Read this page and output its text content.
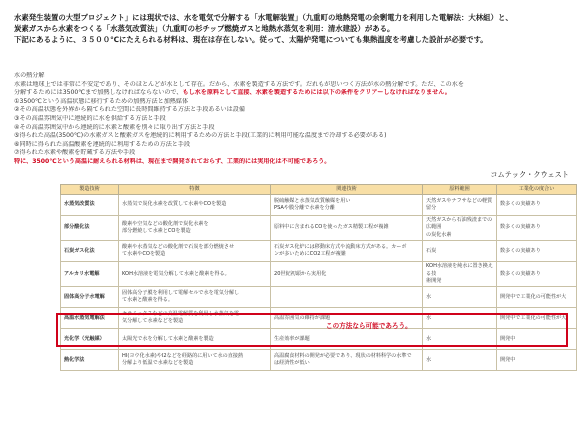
水素発生装置の大型プロジェクト」には現状では、水を電気で分解する「水電解装置」（九重町の地熱発電の余剰電力を利用した電解法：大林組）と、

炭素ガスから水素をつくる「水蒸気改質法」（九重町の杉チップ燃焼ガスと地熱水蒸気を利用：清水建設）がある。

下記にあるように、３５００℃にたえられる材料は、現在は存在しない。従って、太陽炉発電についても集熱温度を考慮した設計が必要です。

水の熱分解

水素は地球上では非常に不安定であり、そのほとんどが水として存在。だから、水素を製造する方法です。だれもが思いつく方法が水の熱分解です。ただ、この水を

分解するためには3500℃まで加熱しなければならないので、もし水を原料として直接、水素を製造するためには以下の条件をクリアーしなければなりません。

①3500℃という高温状態に移行するための加熱方法と加熱媒体

②その高温状態を外界から隔てられた空間に長時間維持する方法と手段あるいは設備

③その高温雰囲気中に連続的に水を供給する方法と手段

④その高温雰囲気中から連続的に水素と酸素を別々に取り出す方法と手段

⑤得られた高温(3500℃)の水素ガスと酸素ガスを連続的に利用するための方法と手段(工業的に利用可能な温度まで冷却する必要がある)

⑥同時に得られた高温酸素を連続的に利用するための方法と手段

⑦得られた水素や酸素を貯蔵する方法や手段

特に、3500℃という高温に耐えられる材料は、現在まで開発されておらず、工業的には実用化は不可能であろう。

コムテック・クウェスト
製造技術	特徴	関連技術	原料範囲	工業化の度合い
水蒸気改質法	水蒸気で炭化水素を改質して水素やCOを製造	脱硫触媒と水蒸気改質触媒を用い
PSAや膜分離で水素を分離	天然ガスやナフサなどの軽質留分	数多くの実績あり
部分酸化法	酸素や空気などの酸化剤で炭化水素を
部分燃焼して水素とCOを製造	原料中に含まれるCOを使ったガス精製工程が複雑	天然ガスから石油残渣までの広範囲
の炭化水素	数多くの実績あり
石炭ガス化法	酸素や水蒸気などの酸化剤で石炭を部分燃焼させ
て水素やCOを製造	石炭ガス化炉には移動床方式や流動床方式がある。カーボ
ンが多いためにCO2工程が複雑	石炭	数多くの実績あり
アルカリ水電解	KOH水溶液を電気分解して水素と酸素を得る。	20世紀初頭から実用化	KOH水溶液を純水に置き換える技
術開発	数多くの実績あり
固体高分子水電解	固体高分子膜を利用して電解セルで水を電気分解し
て水素と酸素を得る。		水	開発中で工業化の可能性が大
高温水蒸気電解法	セラミックスなどの高温電解質を利用し水蒸気を電
気分解して水素などを製造	高温雰囲気の維持が課題	水	開発中で工業化の可能性が大
光化学（光触媒）	太陽光で水を分解して水素と酸素を製造	生産効率が課題	水	開発中
熱化学法	HI(ヨウ化水素)やI2などを経路的に用いて水の直接熱
分解より低温で水素などを製造	高温腐食材料の開発が必要であり、現状の材料科学の水準で
は経済性が低い	水	開発中
この方法なら可能であろう。
